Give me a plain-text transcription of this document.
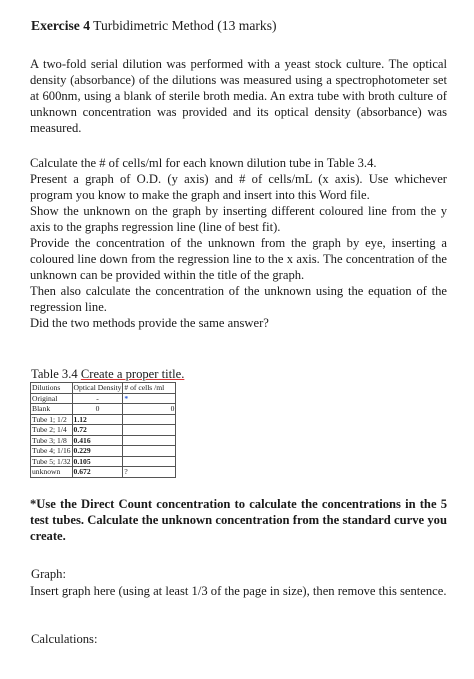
Exercise 4 Turbidimetric Method (13 marks)

A two-fold serial dilution was performed with a yeast stock culture. The optical density (absorbance) of the dilutions was measured using a spectrophotometer set at 600nm, using a blank of sterile broth media. An extra tube with broth culture of unknown concentration was provided and its optical density (absorbance) was measured.

Calculate the # of cells/ml for each known dilution tube in Table 3.4.

Present a graph of O.D. (y axis) and # of cells/mL (x axis). Use whichever program you know to make the graph and insert into this Word file.

Show the unknown on the graph by inserting different coloured line from the y axis to the graphs regression line (line of best fit).

Provide the concentration of the unknown from the graph by eye, inserting a coloured line down from the regression line to the x axis. The concentration of the unknown can be provided within the title of the graph.

Then also calculate the concentration of the unknown using the equation of the regression line.

Did the two methods provide the same answer?

Table 3.4 Create a proper title.
Dilutions	Optical Density	# of cells /ml
Original	-	*
Blank	0	0
Tube 1; 1/2	1.12	
Tube 2; 1/4	0.72	
Tube 3; 1/8	0.416	
Tube 4; 1/16	0.229	
Tube 5; 1/32	0.105	
unknown	0.672	?

*Use the Direct Count concentration to calculate the concentrations in the 5 test tubes. Calculate the unknown concentration from the standard curve you create.

Graph:

Insert graph here (using at least 1/3 of the page in size), then remove this sentence.

Calculations:
